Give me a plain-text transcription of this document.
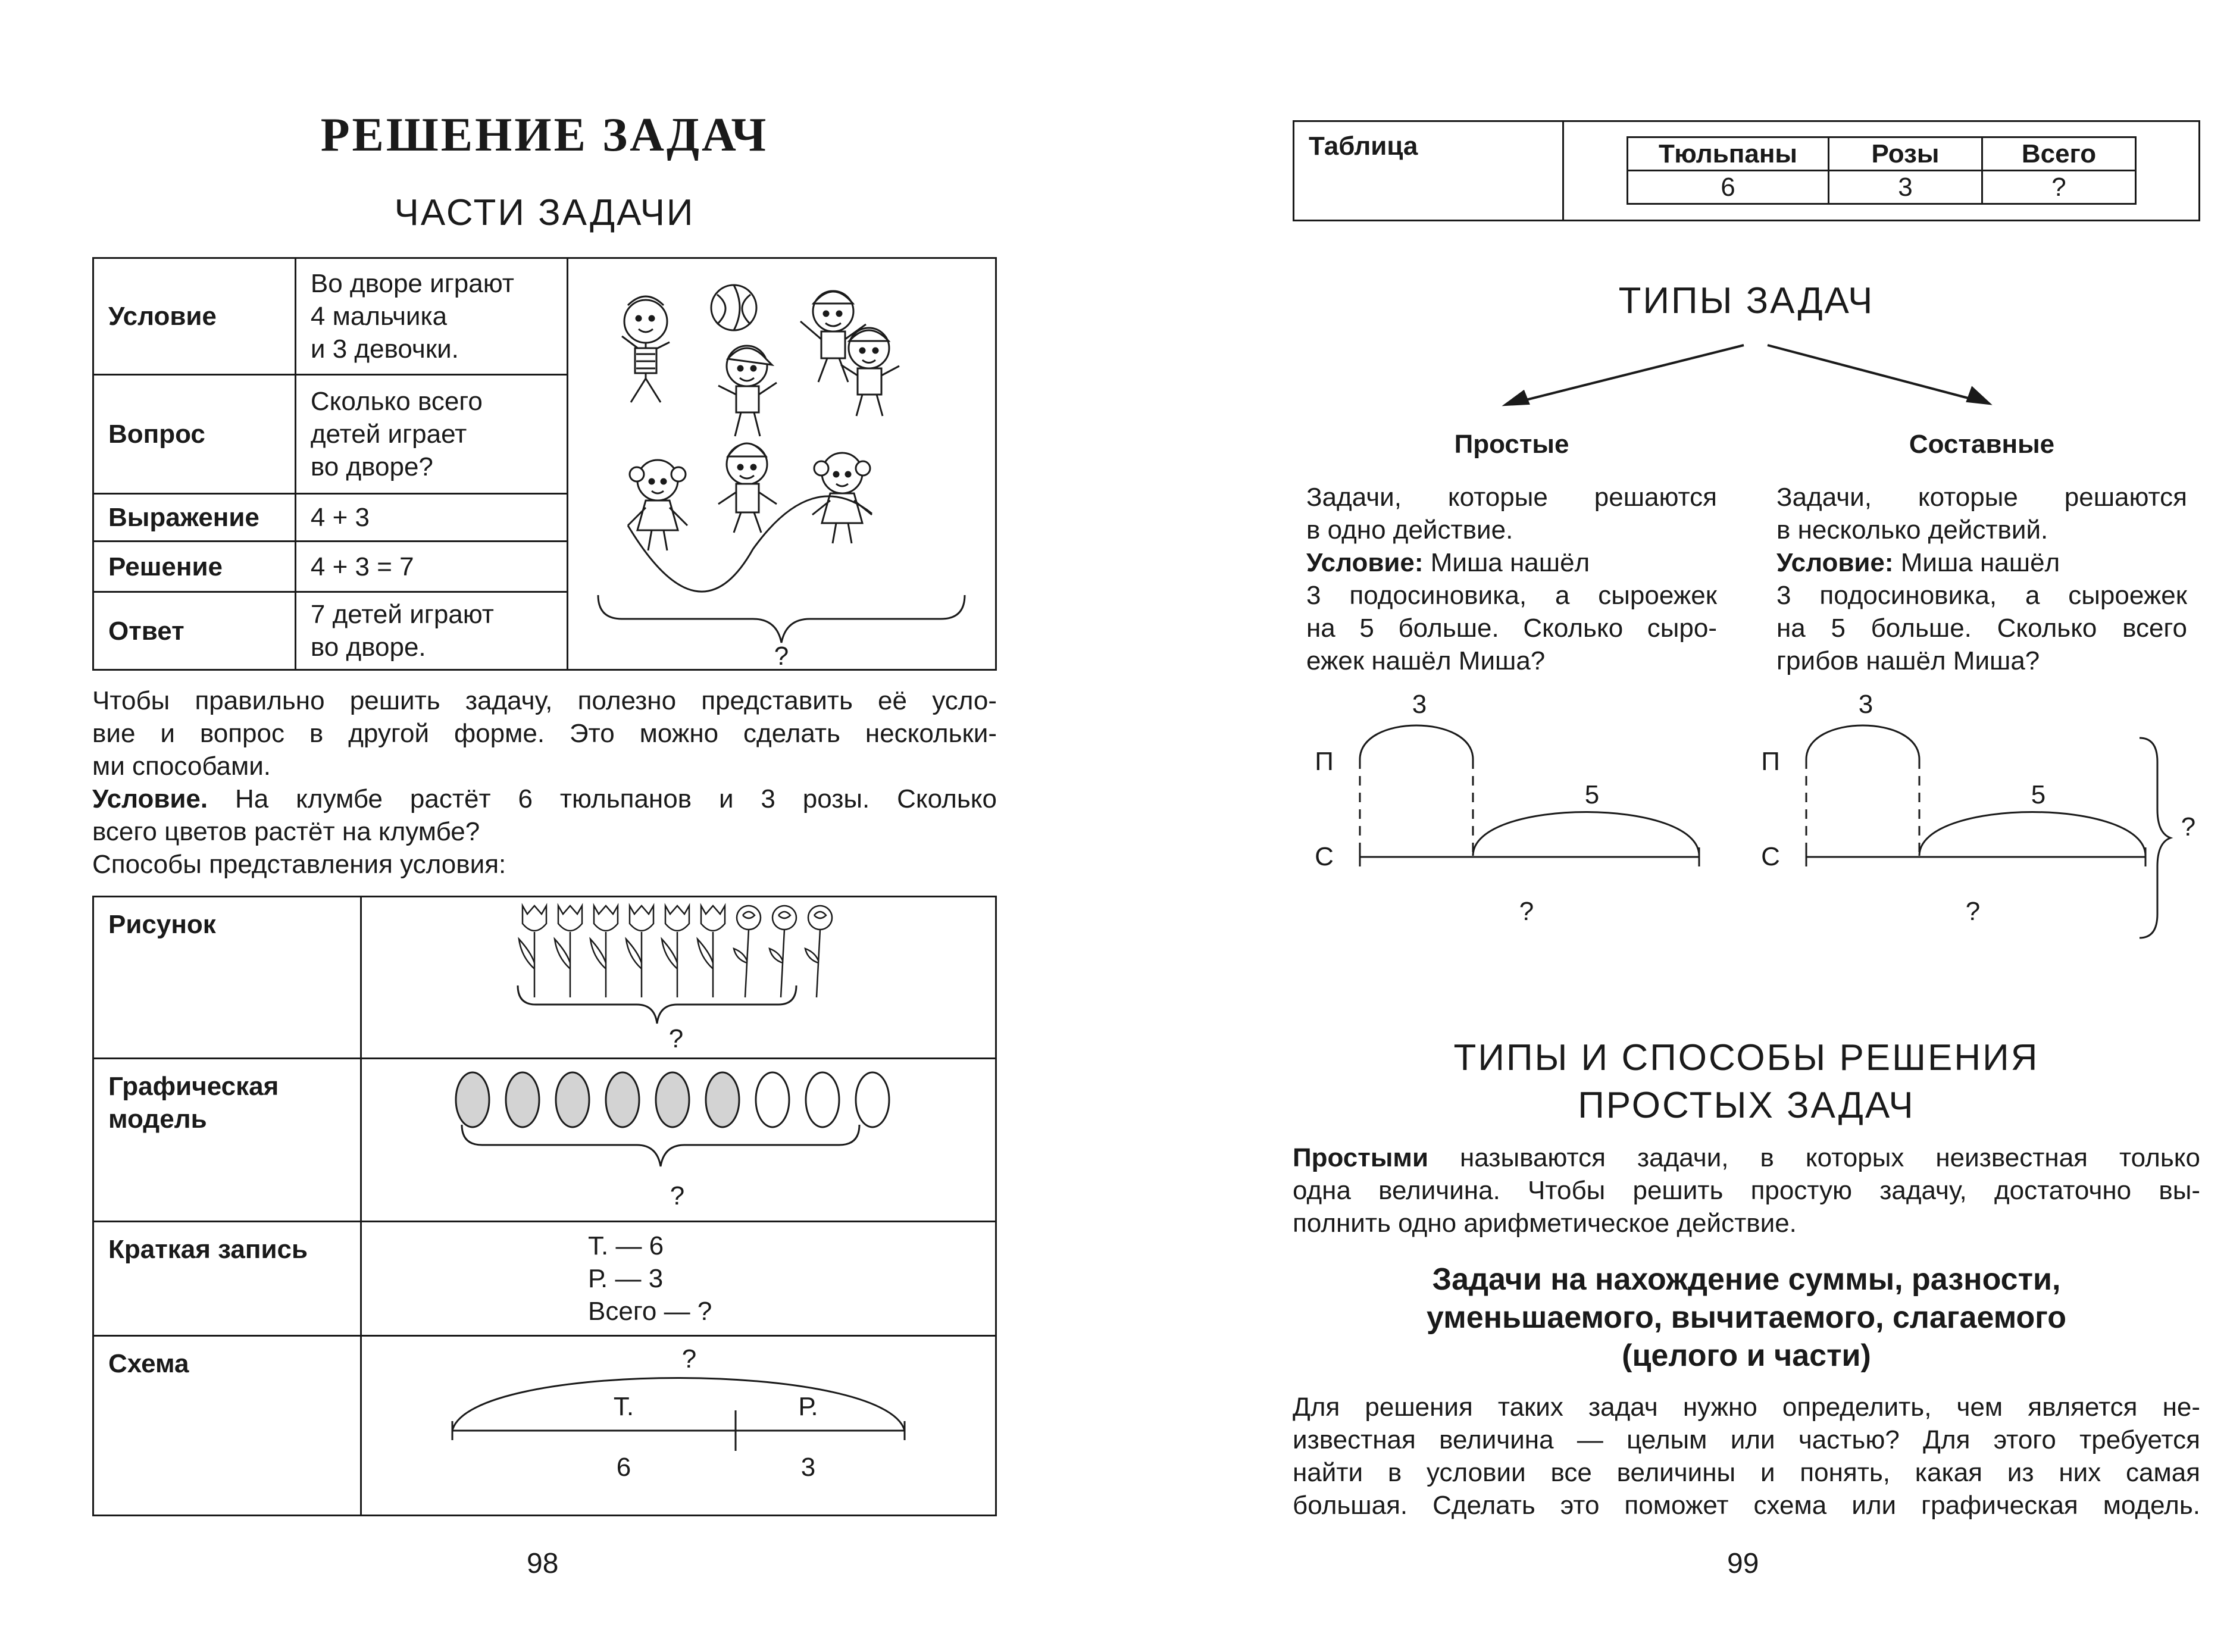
РЕШЕНИЕ ЗАДАЧ
ЧАСТИ ЗАДАЧИ
Условие	Во дворе играют
4 мальчика
и 3 девочки.	?

Вопрос	Сколько всего
детей играет
во дворе?	

Выражение	4 + 3	
Решение	4 + 3 = 7	
Ответ	7 детей играют
во дворе.	
Чтобы правильно решить задачу, полезно представить её усло-
вие и вопрос в другой форме. Это можно сделать нескольки-
ми способами.
Условие. На клумбе растёт 6 тюльпанов и 3 розы. Сколько
всего цветов растёт на клумбе?
Способы представления условия:
Рисунок	?

Графическая
модель	?

Краткая запись	Т. — 6
Р. — 3
Всего — ?

Схема	?
Т. Р.
6 3
98
Таблица	Тюльпаны	Розы	Всего
6	3	?
ТИПЫ ЗАДАЧ
Простые	Составные
Задачи, которые решаются
в одно действие.
Условие: Миша нашёл
3 подосиновика, а сыроежек
на 5 больше. Сколько сыро-
ежек нашёл Миша?
Задачи, которые решаются
в несколько действий.
Условие: Миша нашёл
3 подосиновика, а сыроежек
на 5 больше. Сколько всего
грибов нашёл Миша?
3
П
С
5
?
3
П
С
5
?
?
ТИПЫ И СПОСОБЫ РЕШЕНИЯ
ПРОСТЫХ ЗАДАЧ
Простыми называются задачи, в которых неизвестная только
одна величина. Чтобы решить простую задачу, достаточно вы-
полнить одно арифметическое действие.
Задачи на нахождение суммы, разности,
уменьшаемого, вычитаемого, слагаемого
(целого и части)
Для решения таких задач нужно определить, чем является не-
известная величина — целым или частью? Для этого требуется
найти в условии все величины и понять, какая из них самая
большая. Сделать это поможет схема или графическая модель.
99
